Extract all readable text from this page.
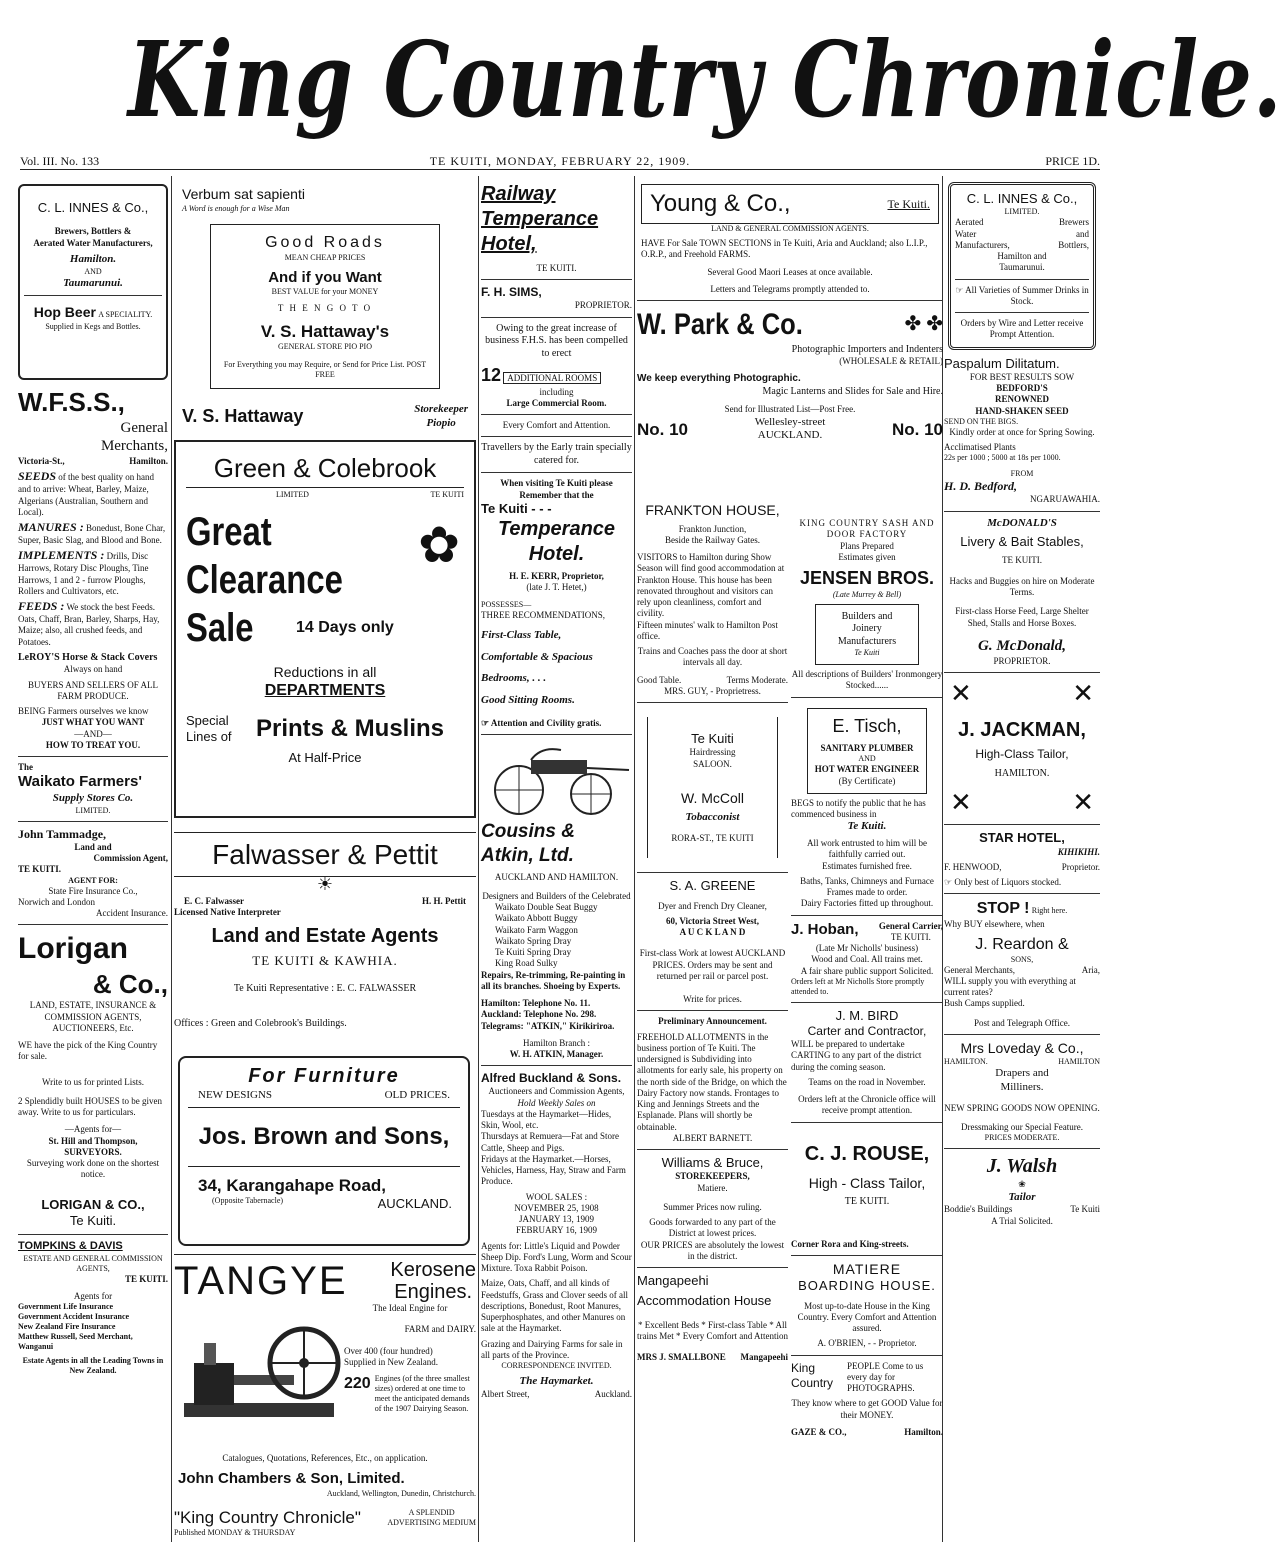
King Country Chronicle.
Vol. III. No. 133	TE KUITI, MONDAY, FEBRUARY 22, 1909.	PRICE 1D.
C. L. INNES & Co.,
Brewers, Bottlers &
Aerated Water Manufacturers,
Hamilton.
AND
Taumarunui.
Hop Beer A SPECIALITY.
Supplied in Kegs and Bottles.
W.F.S.S.,
General
Merchants,
Victoria-St.,	Hamilton.
SEEDS of the best quality on hand and to arrive: Wheat, Barley, Maize, Algerians (Australian, Southern and Local).
MANURES : Bonedust, Bone Char, Super, Basic Slag, and Blood and Bone.
IMPLEMENTS : Drills, Disc Harrows, Rotary Disc Ploughs, Tine Harrows, 1 and 2 - furrow Ploughs, Rollers and Cultivators, etc.
FEEDS : We stock the best Feeds. Oats, Chaff, Bran, Barley, Sharps, Hay, Maize; also, all crushed feeds, and Potatoes.
LeROY'S Horse & Stack Covers
Always on hand
BUYERS AND SELLERS OF ALL FARM PRODUCE.
BEING Farmers ourselves we know
JUST WHAT YOU WANT
—AND—
HOW TO TREAT YOU.
The
Waikato Farmers'
Supply Stores Co.
LIMITED.
John Tammadge,
Land and
Commission Agent,
TE KUITI.
AGENT FOR:
State Fire Insurance Co.,
Norwich and London
Accident Insurance.
Lorigan
& Co.,
LAND, ESTATE, INSURANCE & COMMISSION AGENTS, AUCTIONEERS, Etc.
WE have the pick of the King Country for sale.
Write to us for printed Lists.
2 Splendidly built HOUSES to be given away. Write to us for particulars.
—Agents for—
St. Hill and Thompson,
SURVEYORS.
Surveying work done on the shortest notice.
LORIGAN & CO.,
Te Kuiti.
TOMPKINS & DAVIS
ESTATE AND GENERAL COMMISSION AGENTS,
TE KUITI.
Agents for
Government Life Insurance
Government Accident Insurance
New Zealand Fire Insurance
Matthew Russell, Seed Merchant, Wanganui
Estate Agents in all the Leading Towns in New Zealand.
Verbum sat sapienti
A Word is enough for a Wise Man
Good Roads
MEAN CHEAP PRICES
And if you Want
BEST VALUE for your MONEY
T H E N G O T O
V. S. Hattaway's
GENERAL STORE PIO PIO
For Everything you may Require, or Send for Price List. POST FREE
V. S. Hattaway	Storekeeper
Piopio
Green & Colebrook
LIMITED	TE KUITI
✿
Great
Clearance
Sale	14 Days only
Reductions in all
DEPARTMENTS
Special Lines of	Prints & Muslins
At Half-Price
Falwasser & Pettit
☀
E. C. Falwasser	H. H. Pettit
Licensed Native Interpreter
Land and Estate Agents
TE KUITI & KAWHIA.
Te Kuiti Representative : E. C. FALWASSER
Offices : Green and Colebrook's Buildings.
For Furniture
NEW DESIGNS	OLD PRICES.
Jos. Brown and Sons,
34, Karangahape Road,
(Opposite Tabernacle)	AUCKLAND.
TANGYE Kerosene
Engines.
The Ideal Engine for
FARM and DAIRY.
Over 400 (four hundred)
Supplied in New Zealand.
220 Engines (of the three smallest sizes) ordered at one time to meet the anticipated demands of the 1907 Dairying Season.
Catalogues, Quotations, References, Etc., on application.
John Chambers & Son, Limited.
Auckland, Wellington, Dunedin, Christchurch.
"King Country Chronicle"	A SPLENDID
ADVERTISING MEDIUM
Published MONDAY & THURSDAY
Railway
Temperance
Hotel,
TE KUITI.
F. H. SIMS,
PROPRIETOR.
Owing to the great increase of business F.H.S. has been compelled to erect
12 ADDITIONAL ROOMS
including
Large Commercial Room.
Every Comfort and Attention.
Travellers by the Early train specially catered for.
When visiting Te Kuiti please Remember that the
Te Kuiti - - -
Temperance
Hotel.
H. E. KERR, Proprietor,
(late J. T. Hetet,)
POSSESSES—
THREE RECOMMENDATIONS,
First-Class Table,
Comfortable & Spacious
Bedrooms, . . .
Good Sitting Rooms.
☞ Attention and Civility gratis.
Cousins &
Atkin, Ltd.
AUCKLAND AND HAMILTON.
Designers and Builders of the Celebrated
Waikato Double Seat Buggy
Waikato Abbott Buggy
Waikato Farm Waggon
Waikato Spring Dray
Te Kuiti Spring Dray
King Road Sulky
Repairs, Re-trimming, Re-painting in all its branches. Shoeing by Experts.
Hamilton: Telephone No. 11. Auckland: Telephone No. 298.
Telegrams: "ATKIN," Kirikiriroa.
Hamilton Branch :
W. H. ATKIN, Manager.
Alfred Buckland & Sons.
Auctioneers and Commission Agents,
Hold Weekly Sales on
Tuesdays at the Haymarket—Hides, Skin, Wool, etc.
Thursdays at Remuera—Fat and Store Cattle, Sheep and Pigs.
Fridays at the Haymarket.—Horses, Vehicles, Harness, Hay, Straw and Farm Produce.
WOOL SALES :
NOVEMBER 25, 1908
JANUARY 13, 1909
FEBRUARY 16, 1909
Agents for: Little's Liquid and Powder Sheep Dip. Ford's Lung, Worm and Scour Mixture. Toxa Rabbit Poison.
Maize, Oats, Chaff, and all kinds of Feedstuffs, Grass and Clover seeds of all descriptions, Bonedust, Root Manures, Superphosphates, and other Manures on sale at the Haymarket.
Grazing and Dairying Farms for sale in all parts of the Province.
CORRESPONDENCE INVITED.
The Haymarket.
Albert Street,	Auckland.
Young & Co.,	Te Kuiti.
LAND & GENERAL COMMISSION AGENTS.
HAVE For Sale TOWN SECTIONS in Te Kuiti, Aria and Auckland; also L.I.P., O.R.P., and Freehold FARMS.
Several Good Maori Leases at once available.
Letters and Telegrams promptly attended to.
W. Park & Co.	✤ ✤
Photographic Importers and Indenters
(WHOLESALE & RETAIL)
We keep everything Photographic.
Magic Lanterns and Slides for Sale and Hire.
Send for Illustrated List—Post Free.
No. 10	Wellesley-street
AUCKLAND.	No. 10
FRANKTON HOUSE,
Frankton Junction,
Beside the Railway Gates.
VISITORS to Hamilton during Show Season will find good accommodation at Frankton House. This house has been renovated throughout and visitors can rely upon cleanliness, comfort and civility.
Fifteen minutes' walk to Hamilton Post office.
Trains and Coaches pass the door at short intervals all day.
Good Table.	Terms Moderate.
MRS. GUY, - Proprietress.
Te Kuiti
Hairdressing
SALOON.
W. McColl
Tobacconist
RORA-ST., TE KUITI
S. A. GREENE
Dyer and French Dry Cleaner,
60, Victoria Street West,
A U C K L A N D
First-class Work at lowest AUCKLAND PRICES. Orders may be sent and returned per rail or parcel post.
Write for prices.
Preliminary Announcement.
FREEHOLD ALLOTMENTS in the business portion of Te Kuiti. The undersigned is Subdividing into allotments for early sale, his property on the north side of the Bridge, on which the Dairy Factory now stands. Frontages to King and Jennings Streets and the Esplanade. Plans will shortly be obtainable.
ALBERT BARNETT.
Williams & Bruce,
STOREKEEPERS,
Matiere.
Summer Prices now ruling.
Goods forwarded to any part of the District at lowest prices.
OUR PRICES are absolutely the lowest in the district.
Mangapeehi
Accommodation House
* Excellent Beds * First-class Table * All trains Met * Every Comfort and Attention
MRS J. SMALLBONE Mangapeehi
KING COUNTRY SASH AND DOOR FACTORY
Plans Prepared
Estimates given
JENSEN BROS.
(Late Murrey & Bell)
Builders and
Joinery
Manufacturers
Te Kuiti
All descriptions of Builders' Ironmongery Stocked......
E. Tisch,
SANITARY PLUMBER
AND
HOT WATER ENGINEER
(By Certificate)
BEGS to notify the public that he has commenced business in
Te Kuiti.
All work entrusted to him will be faithfully carried out.
Estimates furnished free.
Baths, Tanks, Chimneys and Furnace Frames made to order.
Dairy Factories fitted up throughout.
J. Hoban, General Carrier,
TE KUITI.
(Late Mr Nicholls' business)
Wood and Coal. All trains met.
A fair share public support Solicited.
Orders left at Mr Nicholls Store promptly attended to.
J. M. BIRD
Carter and Contractor,
WILL be prepared to undertake CARTING to any part of the district during the coming season.
Teams on the road in November.
Orders left at the Chronicle office will receive prompt attention.
C. J. ROUSE,
High - Class Tailor,
TE KUITI.
Corner Rora and King-streets.
MATIERE
BOARDING HOUSE.
Most up-to-date House in the King Country. Every Comfort and Attention assured.
A. O'BRIEN, - - Proprietor.
King Country
PEOPLE Come to us every day for PHOTOGRAPHS.
They know where to get GOOD Value for their MONEY.
GAZE & CO.,	Hamilton.
C. L. INNES & Co.,
LIMITED.
Aerated	Brewers
Water	and
Manufacturers,	Bottlers,
Hamilton and
Taumarunui.
☞ All Varieties of Summer Drinks in Stock.
Orders by Wire and Letter receive Prompt Attention.
Paspalum Dilitatum.
FOR BEST RESULTS SOW
BEDFORD'S
RENOWNED
HAND-SHAKEN SEED
SEND ON THE BIGS.
Kindly order at once for Spring Sowing.
Acclimatised Plants
22s per 1000 ; 5000 at 18s per 1000.
FROM
H. D. Bedford,
NGARUAWAHIA.
McDONALD'S
Livery & Bait Stables,
TE KUITI.
Hacks and Buggies on hire on Moderate Terms.
First-class Horse Feed, Large Shelter Shed, Stalls and Horse Boxes.
G. McDonald,
PROPRIETOR.
✕	✕
J. JACKMAN,
High-Class Tailor,
HAMILTON.
✕	✕
STAR HOTEL,
KIHIKIHI.
F. HENWOOD,	Proprietor.
☞ Only best of Liquors stocked.
STOP ! Right here.
Why BUY elsewhere, when
J. Reardon &
SONS,
General Merchants,	Aria,
WILL supply you with everything at current rates?
Bush Camps supplied.
Post and Telegraph Office.
Mrs Loveday & Co.,
HAMILTON.	HAMILTON
Drapers and
Milliners.
NEW SPRING GOODS NOW OPENING.
Dressmaking our Special Feature.
PRICES MODERATE.
J. Walsh
❀
Tailor
Boddie's Buildings	Te Kuiti
A Trial Solicited.
